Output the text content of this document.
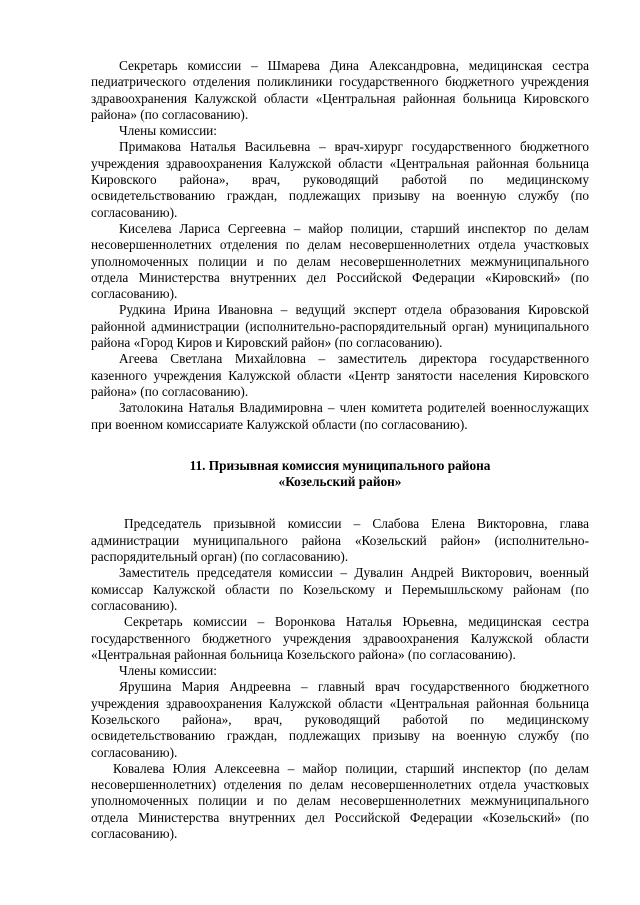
Секретарь комиссии – Шмарева Дина Александровна, медицинская сестра педиатрического отделения поликлиники государственного бюджетного учреждения здравоохранения Калужской области «Центральная районная больница Кировского района» (по согласованию).

Члены комиссии:

Примакова Наталья Васильевна – врач-хирург государственного бюджетного учреждения здравоохранения Калужской области «Центральная районная больница Кировского района», врач, руководящий работой по медицинскому освидетельствованию граждан, подлежащих призыву на военную службу (по согласованию).

Киселева Лариса Сергеевна – майор полиции, старший инспектор по делам несовершеннолетних отделения по делам несовершеннолетних отдела участковых уполномоченных полиции и по делам несовершеннолетних межмуниципального отдела Министерства внутренних дел Российской Федерации «Кировский» (по согласованию).

Рудкина Ирина Ивановна – ведущий эксперт отдела образования Кировской районной администрации (исполнительно-распорядительный орган) муниципального района «Город Киров и Кировский район» (по согласованию).

Агеева Светлана Михайловна – заместитель директора государственного казенного учреждения Калужской области «Центр занятости населения Кировского района» (по согласованию).

Затолокина Наталья Владимировна – член комитета родителей военнослужащих при военном комиссариате Калужской области (по согласованию).

11. Призывная комиссия муниципального района
«Козельский район»

Председатель призывной комиссии – Слабова Елена Викторовна, глава администрации муниципального района «Козельский район» (исполнительно-распорядительный орган) (по согласованию).

Заместитель председателя комиссии – Дувалин Андрей Викторович, военный комиссар Калужской области по Козельскому и Перемышльскому районам (по согласованию).

Секретарь комиссии – Воронкова Наталья Юрьевна, медицинская сестра государственного бюджетного учреждения здравоохранения Калужской области «Центральная районная больница Козельского района» (по согласованию).

Члены комиссии:

Ярушина Мария Андреевна – главный врач государственного бюджетного учреждения здравоохранения Калужской области «Центральная районная больница Козельского района», врач, руководящий работой по медицинскому освидетельствованию граждан, подлежащих призыву на военную службу (по согласованию).

Ковалева Юлия Алексеевна – майор полиции, старший инспектор (по делам несовершеннолетних) отделения по делам несовершеннолетних отдела участковых уполномоченных полиции и по делам несовершеннолетних межмуниципального отдела Министерства внутренних дел Российской Федерации «Козельский» (по согласованию).
